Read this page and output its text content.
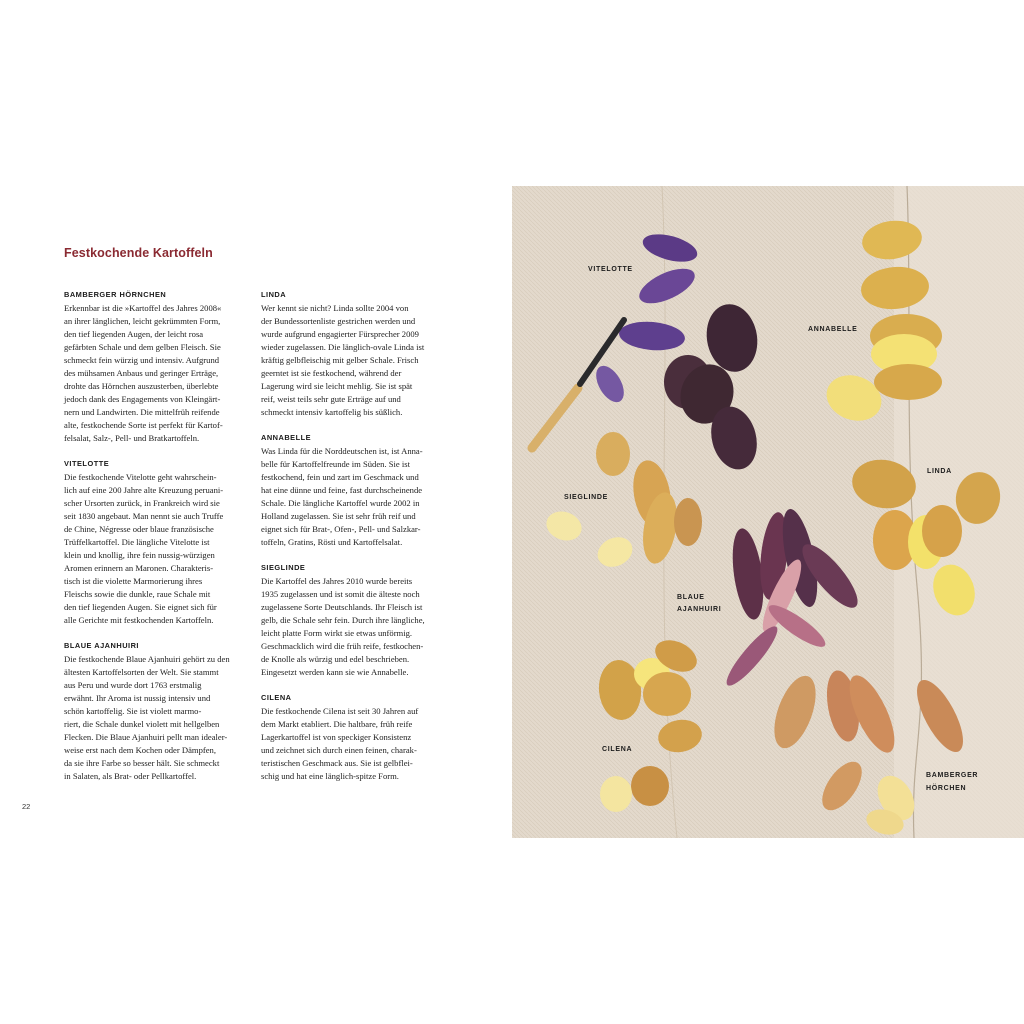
Festkochende Kartoffeln
BAMBERGER HÖRNCHEN

Erkennbar ist die »Kartoffel des Jahres 2008«
an ihrer länglichen, leicht gekrümmten Form,
den tief liegenden Augen, der leicht rosa
gefärbten Schale und dem gelben Fleisch. Sie
schmeckt fein würzig und intensiv. Aufgrund
des mühsamen Anbaus und geringer Erträge,
drohte das Hörnchen auszusterben, überlebte
jedoch dank des Engagements von Kleingärt-
nern und Landwirten. Die mittelfrüh reifende
alte, festkochende Sorte ist perfekt für Kartof-
felsalat, Salz-, Pell- und Bratkartoffeln.

VITELOTTE

Die festkochende Vitelotte geht wahrschein-
lich auf eine 200 Jahre alte Kreuzung peruani-
scher Ursorten zurück, in Frankreich wird sie
seit 1830 angebaut. Man nennt sie auch Truffe
de Chine, Négresse oder blaue französische
Trüffelkartoffel. Die längliche Vitelotte ist
klein und knollig, ihre fein nussig-würzigen
Aromen erinnern an Maronen. Charakteris-
tisch ist die violette Marmorierung ihres
Fleischs sowie die dunkle, raue Schale mit
den tief liegenden Augen. Sie eignet sich für
alle Gerichte mit festkochenden Kartoffeln.

BLAUE AJANHUIRI

Die festkochende Blaue Ajanhuiri gehört zu den
ältesten Kartoffelsorten der Welt. Sie stammt
aus Peru und wurde dort 1763 erstmalig
erwähnt. Ihr Aroma ist nussig intensiv und
schön kartoffelig. Sie ist violett marmo-
riert, die Schale dunkel violett mit hellgelben
Flecken. Die Blaue Ajanhuiri pellt man idealer-
weise erst nach dem Kochen oder Dämpfen,
da sie ihre Farbe so besser hält. Sie schmeckt
in Salaten, als Brat- oder Pellkartoffel.

LINDA

Wer kennt sie nicht? Linda sollte 2004 von
der Bundessortenliste gestrichen werden und
wurde aufgrund engagierter Fürsprecher 2009
wieder zugelassen. Die länglich-ovale Linda ist
kräftig gelbfleischig mit gelber Schale. Frisch
geerntet ist sie festkochend, während der
Lagerung wird sie leicht mehlig. Sie ist spät
reif, weist teils sehr gute Erträge auf und
schmeckt intensiv kartoffelig bis süßlich.

ANNABELLE

Was Linda für die Norddeutschen ist, ist Anna-
belle für Kartoffelfreunde im Süden. Sie ist
festkochend, fein und zart im Geschmack und
hat eine dünne und feine, fast durchscheinende
Schale. Die längliche Kartoffel wurde 2002 in
Holland zugelassen. Sie ist sehr früh reif und
eignet sich für Brat-, Ofen-, Pell- und Salzkar-
toffeln, Gratins, Rösti und Kartoffelsalat.

SIEGLINDE

Die Kartoffel des Jahres 2010 wurde bereits
1935 zugelassen und ist somit die älteste noch
zugelassene Sorte Deutschlands. Ihr Fleisch ist
gelb, die Schale sehr fein. Durch ihre längliche,
leicht platte Form wirkt sie etwas unförmig.
Geschmacklich wird die früh reife, festkochen-
de Knolle als würzig und edel beschrieben.
Eingesetzt werden kann sie wie Annabelle.

CILENA

Die festkochende Cilena ist seit 30 Jahren auf
dem Markt etabliert. Die haltbare, früh reife
Lagerkartoffel ist von speckiger Konsistenz
und zeichnet sich durch einen feinen, charak-
teristischen Geschmack aus. Sie ist gelbflei-
schig und hat eine länglich-spitze Form.

22
VITELOTTE
ANNABELLE
LINDA
SIEGLINDE
BLAUE
AJANHUIRI
CILENA
BAMBERGER
HÖRCHEN
